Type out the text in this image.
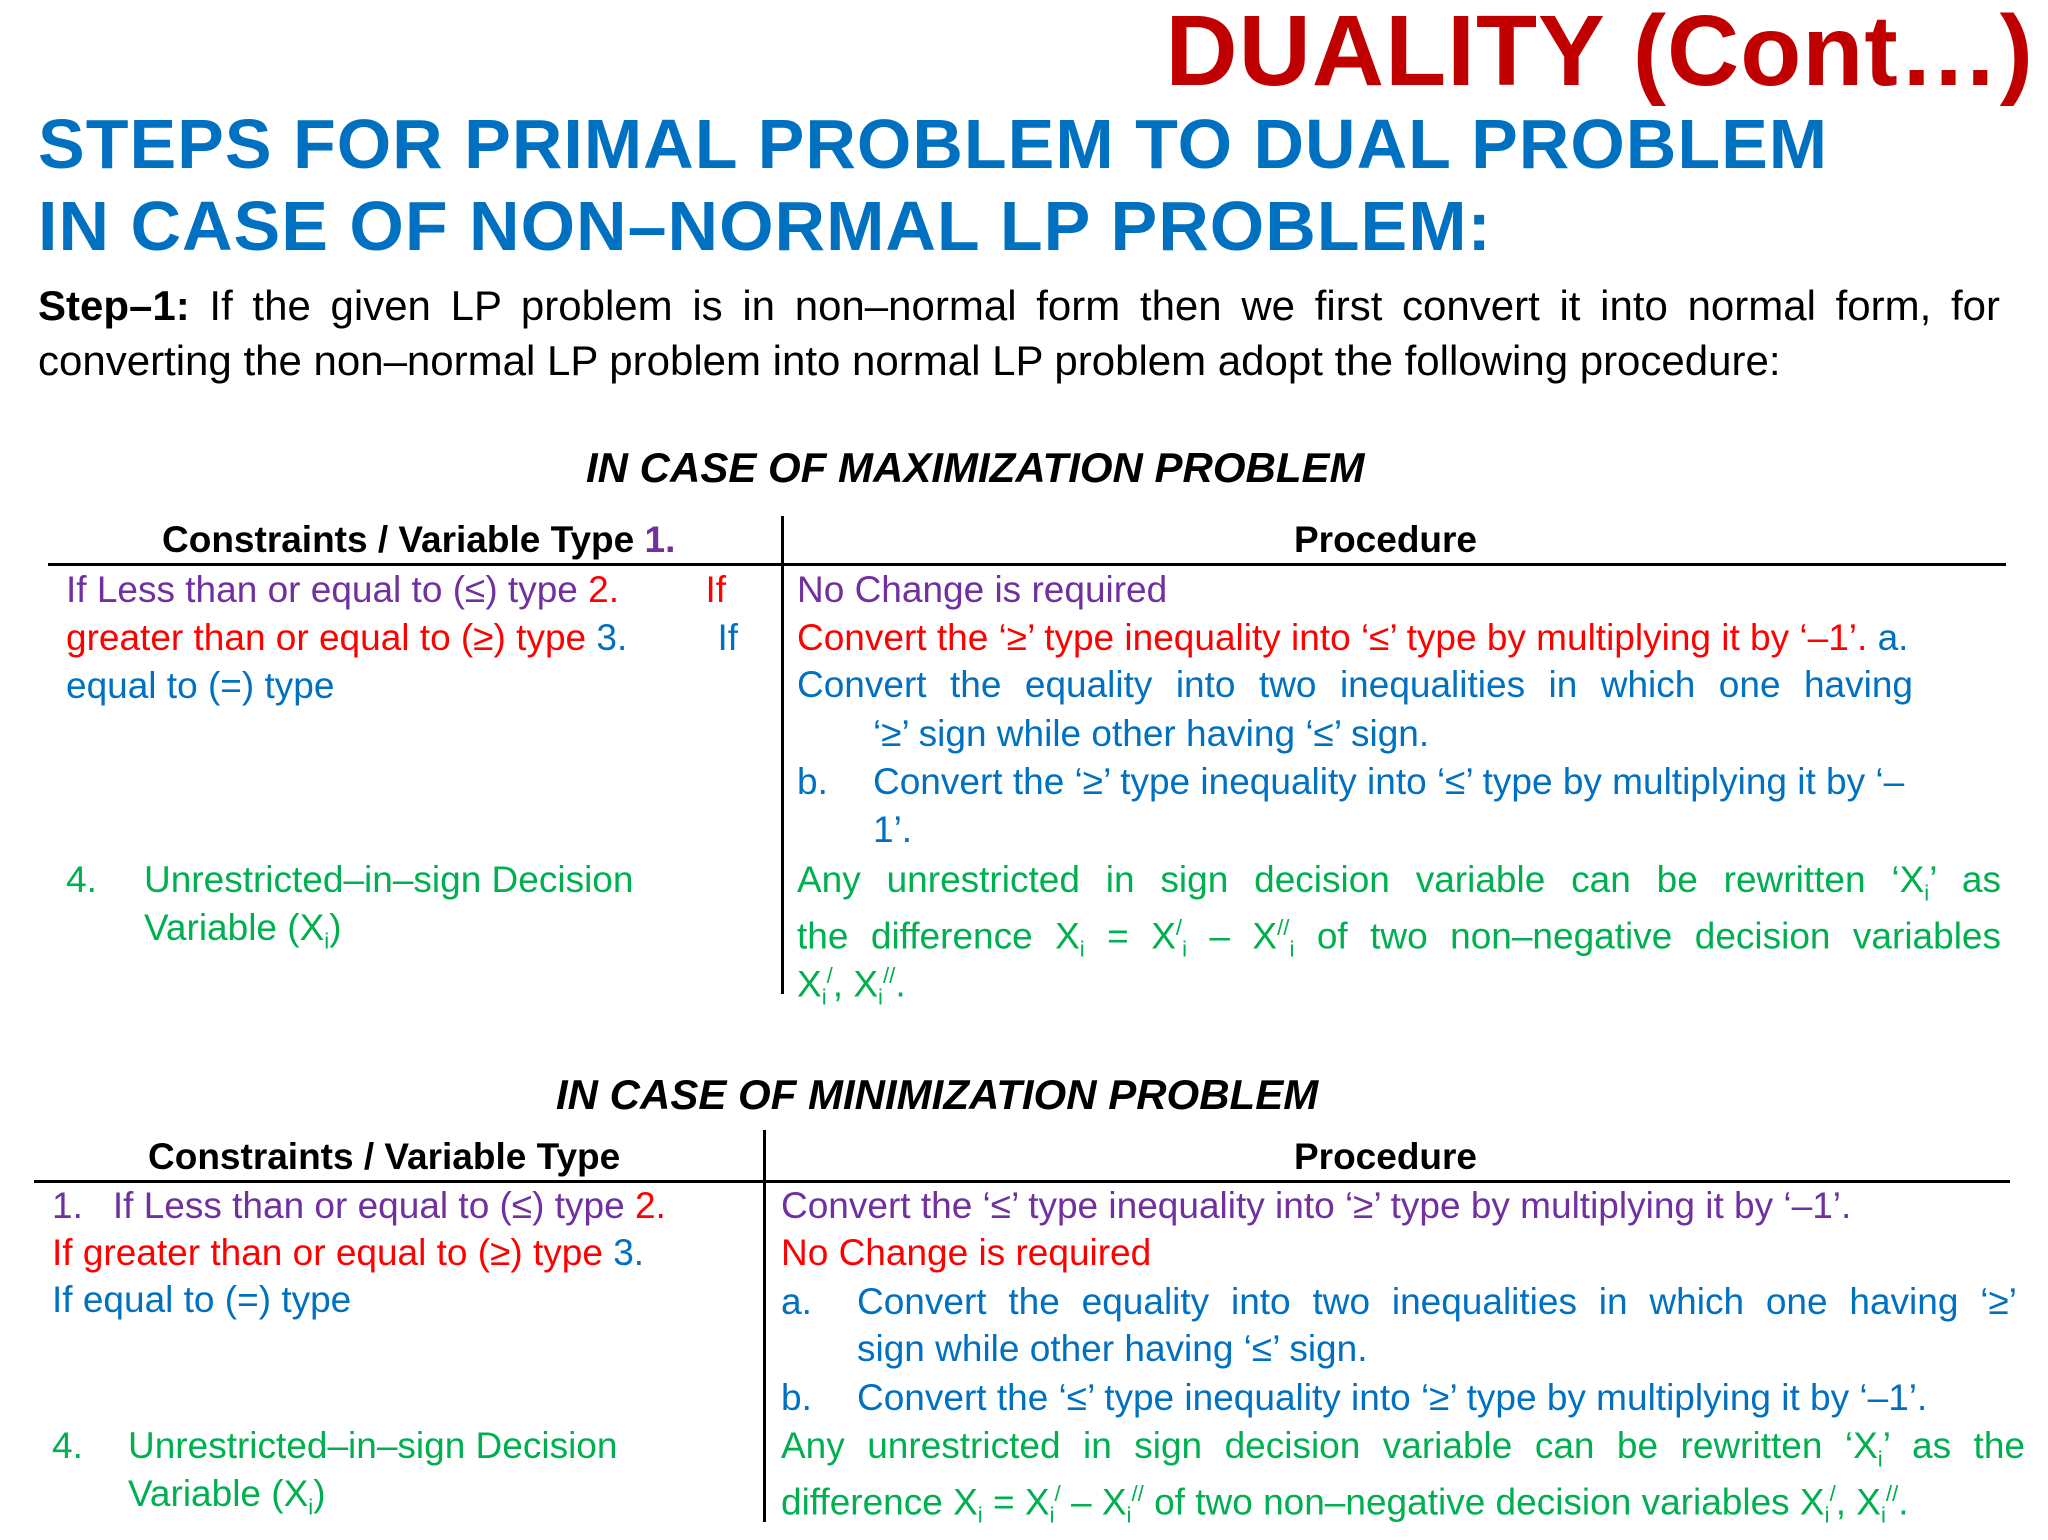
DUALITY (Cont…)
STEPS FOR PRIMAL PROBLEM TO DUAL PROBLEM
IN CASE OF NON–NORMAL LP PROBLEM:
Step–1: If the given LP problem is in non–normal form then we first convert it into normal form, for converting the non–normal LP problem into normal LP problem adopt the following procedure:
IN CASE OF MAXIMIZATION PROBLEM
Constraints / Variable Type 1.	Procedure
If Less than or equal to (≤) type 2. If
greater than or equal to (≥) type 3. If
equal to (=) type
4. Unrestricted–in–sign Decision
Variable $(X_i)$
No Change is required
Convert the ‘≥’ type inequality into ‘≤’ type by multiplying it by ‘–1’. a.
Convert the equality into two inequalities in which one having
‘≥’ sign while other having ‘≤’ sign.
b. Convert the ‘≥’ type inequality into ‘≤’ type by multiplying it by ‘–
1’.
Any unrestricted in sign decision variable can be rewritten ‘$X_i$’ as
the difference $X_i = X^/_i - X^{//}_i$ of two non–negative decision variables
$X_i^/$, $X_i^{//}$.
IN CASE OF MINIMIZATION PROBLEM
Constraints / Variable Type	Procedure
1. If Less than or equal to (≤) type 2.
If greater than or equal to (≥) type 3.
If equal to (=) type
4. Unrestricted–in–sign Decision
Variable $(X_i)$
Convert the ‘≤’ type inequality into ‘≥’ type by multiplying it by ‘–1’.
No Change is required
a. Convert the equality into two inequalities in which one having ‘≥’
sign while other having ‘≤’ sign.
b. Convert the ‘≤’ type inequality into ‘≥’ type by multiplying it by ‘–1’.
Any unrestricted in sign decision variable can be rewritten ‘$X_i$’ as the
difference $X_i = X_i^/ - X_i^{//}$ of two non–negative decision variables $X_i^/$, $X_i^{//}$.
